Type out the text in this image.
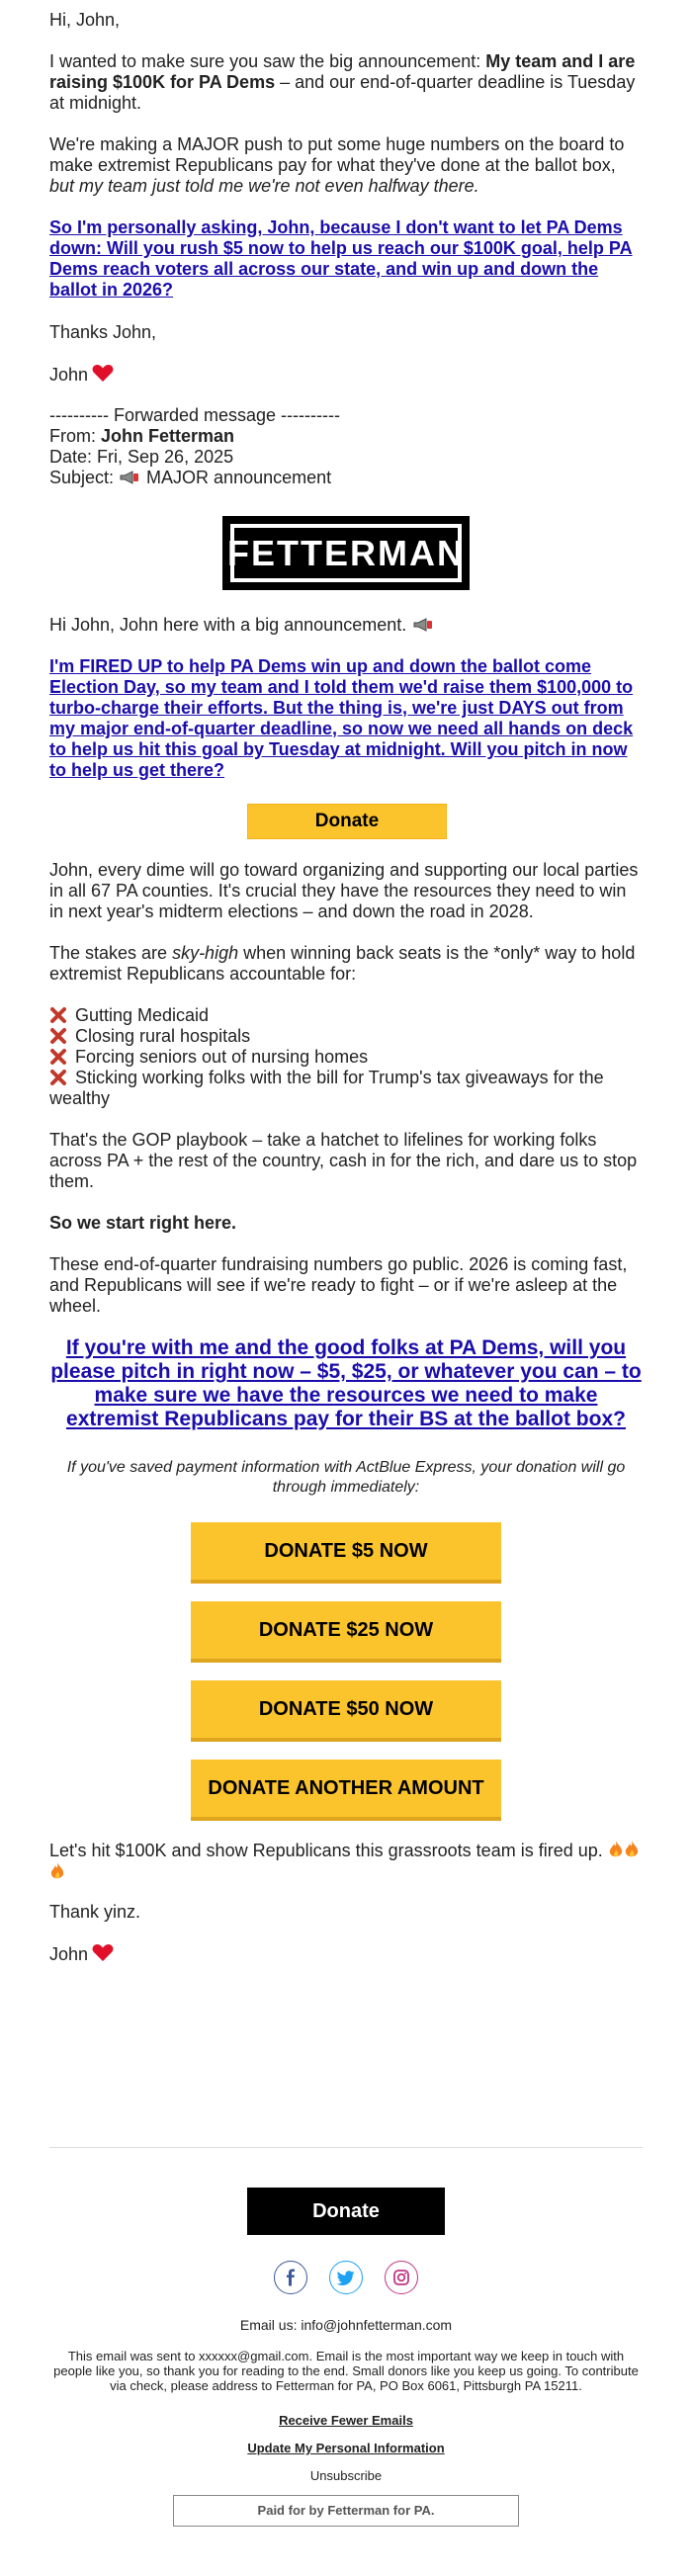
Hi, John,

I wanted to make sure you saw the big announcement: My team and I are raising $100K for PA Dems – and our end-of-quarter deadline is Tuesday at midnight.

We're making a MAJOR push to put some huge numbers on the board to make extremist Republicans pay for what they've done at the ballot box, but my team just told me we're not even halfway there.

So I'm personally asking, John, because I don't want to let PA Dems down: Will you rush $5 now to help us reach our $100K goal, help PA Dems reach voters all across our state, and win up and down the ballot in 2026?

Thanks John,

John

---------- Forwarded message ----------
From: John Fetterman
Date: Fri, Sep 26, 2025
Subject: MAJOR announcement
FETTERMAN

Hi John, John here with a big announcement.

I'm FIRED UP to help PA Dems win up and down the ballot come Election Day, so my team and I told them we'd raise them $100,000 to turbo-charge their efforts. But the thing is, we're just DAYS out from my major end-of-quarter deadline, so now we need all hands on deck to help us hit this goal by Tuesday at midnight. Will you pitch in now to help us get there?

Donate

John, every dime will go toward organizing and supporting our local parties in all 67 PA counties. It's crucial they have the resources they need to win in next year's midterm elections – and down the road in 2028.

The stakes are sky-high when winning back seats is the *only* way to hold extremist Republicans accountable for:

Gutting Medicaid
Closing rural hospitals
Forcing seniors out of nursing homes
Sticking working folks with the bill for Trump's tax giveaways for the wealthy

That's the GOP playbook – take a hatchet to lifelines for working folks across PA + the rest of the country, cash in for the rich, and dare us to stop them.

So we start right here.

These end-of-quarter fundraising numbers go public. 2026 is coming fast, and Republicans will see if we're ready to fight – or if we're asleep at the wheel.

If you're with me and the good folks at PA Dems, will you please pitch in right now – $5, $25, or whatever you can – to make sure we have the resources we need to make extremist Republicans pay for their BS at the ballot box?

If you've saved payment information with ActBlue Express, your donation will go through immediately:

DONATE $5 NOW
DONATE $25 NOW
DONATE $50 NOW
DONATE ANOTHER AMOUNT

Let's hit $100K and show Republicans this grassroots team is fired up.

Thank yinz.

John

Donate
Email us: info@johnfetterman.com
This email was sent to xxxxxx@gmail.com. Email is the most important way we keep in touch with people like you, so thank you for reading to the end. Small donors like you keep us going. To contribute via check, please address to Fetterman for PA, PO Box 6061, Pittsburgh PA 15211.
Receive Fewer Emails
Update My Personal Information
Unsubscribe
Paid for by Fetterman for PA.
